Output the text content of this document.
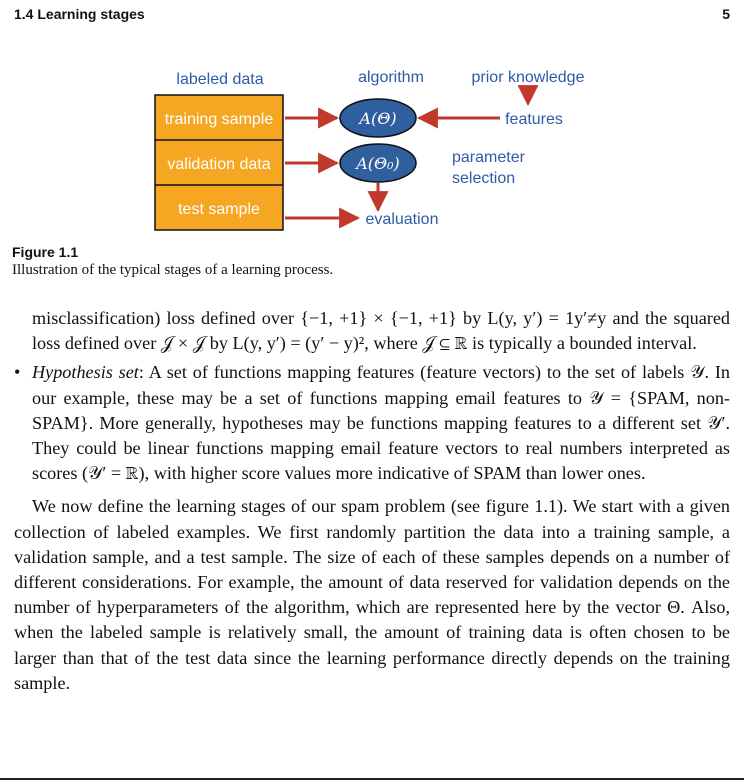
1.4 Learning stages	5
labeled data	algorithm	prior knowledge
training sample
validation data
test sample
A(Θ)
A(Θ₀)
features
parameter
selection
evaluation
Figure 1.1
Illustration of the typical stages of a learning process.

misclassification) loss defined over {−1, +1} × {−1, +1} by L(y, y′) = 1y′≠y and the squared loss defined over 𝒥 × 𝒥 by L(y, y′) = (y′ − y)², where 𝒥 ⊆ ℝ is typically a bounded interval.

• Hypothesis set: A set of functions mapping features (feature vectors) to the set of labels 𝒴. In our example, these may be a set of functions mapping email features to 𝒴 = {SPAM, non-SPAM}. More generally, hypotheses may be functions mapping features to a different set 𝒴′. They could be linear functions mapping email feature vectors to real numbers interpreted as scores (𝒴′ = ℝ), with higher score values more indicative of SPAM than lower ones.

We now define the learning stages of our spam problem (see figure 1.1). We start with a given collection of labeled examples. We first randomly partition the data into a training sample, a validation sample, and a test sample. The size of each of these samples depends on a number of different considerations. For example, the amount of data reserved for validation depends on the number of hyperparameters of the algorithm, which are represented here by the vector Θ. Also, when the labeled sample is relatively small, the amount of training data is often chosen to be larger than that of the test data since the learning performance directly depends on the training sample.
